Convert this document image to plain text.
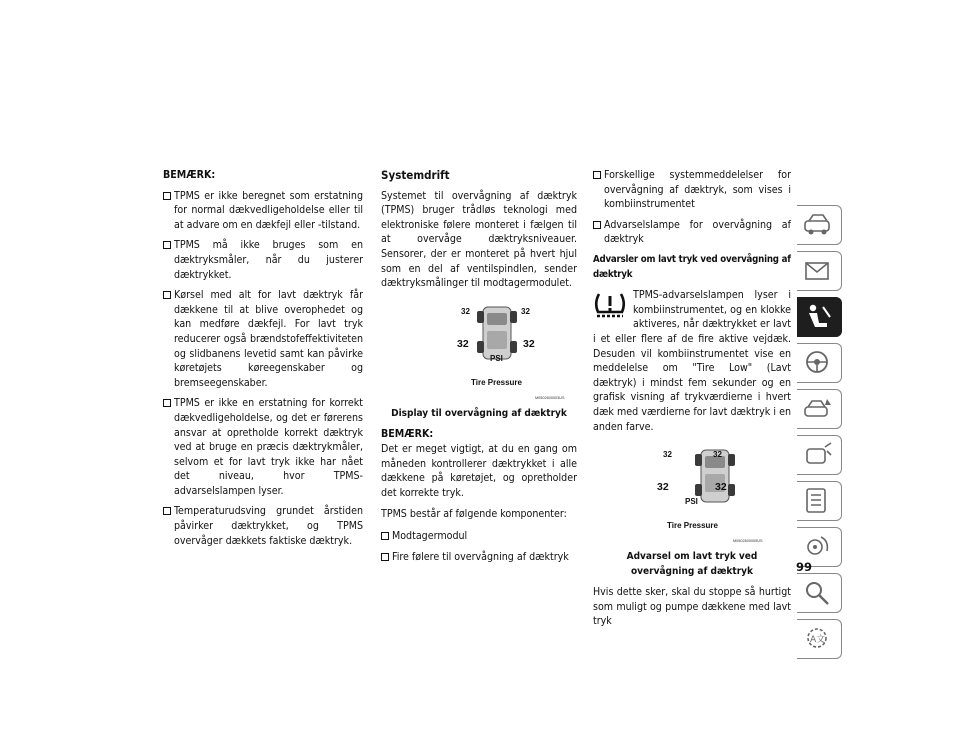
BEMÆRK:
TPMS er ikke beregnet som erstatning for normal dækvedligeholdelse eller til at advare om en dækfejl eller -tilstand.
TPMS må ikke bruges som en dæktryksmåler, når du justerer dæktrykket.
Kørsel med alt for lavt dæktryk får dækkene til at blive overophedet og kan medføre dækfejl. For lavt tryk reducerer også brændstofeffektiviteten og slidbanens levetid samt kan påvirke køretøjets køreegenskaber og bremseegenskaber.
TPMS er ikke en erstatning for korrekt dækvedligeholdelse, og det er førerens ansvar at opretholde korrekt dæktryk ved at bruge en præcis dæktrykmåler, selvom et for lavt tryk ikke har nået det niveau, hvor TPMS-advarselslampen lyser.
Temperaturudsving grundet årstiden påvirker dæktrykket, og TPMS overvåger dækkets faktiske dæktryk.
Systemdrift

Systemet til overvågning af dæktryk (TPMS) bruger trådløs teknologi med elektroniske følere monteret i fælgen til at overvåge dæktryksniveauer. Sensorer, der er monteret på hvert hjul som en del af ventilspindlen, sender dæktryksmålinger til modtagermodulet.

32	32
32	32
PSI
Tire Pressure
M0502600003US
Display til overvågning af dæktryk
BEMÆRK:

Det er meget vigtigt, at du en gang om måneden kontrollerer dæktrykket i alle dækkene på køretøjet, og opretholder det korrekte tryk.

TPMS består af følgende komponenter:

Modtagermodul
Fire følere til overvågning af dæktryk
Forskellige systemmeddelelser for overvågning af dæktryk, som vises i kombiinstrumentet
Advarselslampe for overvågning af dæktryk
Advarsler om lavt tryk ved overvågning af dæktryk

TPMS-advarselslampen lyser i kombiinstrumentet, og en klokke aktiveres, når dæktrykket er lavt i et eller flere af de fire aktive vejdæk. Desuden vil kombiinstrumentet vise en meddelelse om "Tire Low" (Lavt dæktryk) i mindst fem sekunder og en grafisk visning af trykværdierne i hvert dæk med værdierne for lavt dæktryk i en anden farve.

32	32
32	32
PSI
Tire Pressure
M0502600005US
Advarsel om lavt tryk ved overvågning af dæktryk

Hvis dette sker, skal du stoppe så hurtigt som muligt og pumpe dækkene med lavt tryk

A文
99
